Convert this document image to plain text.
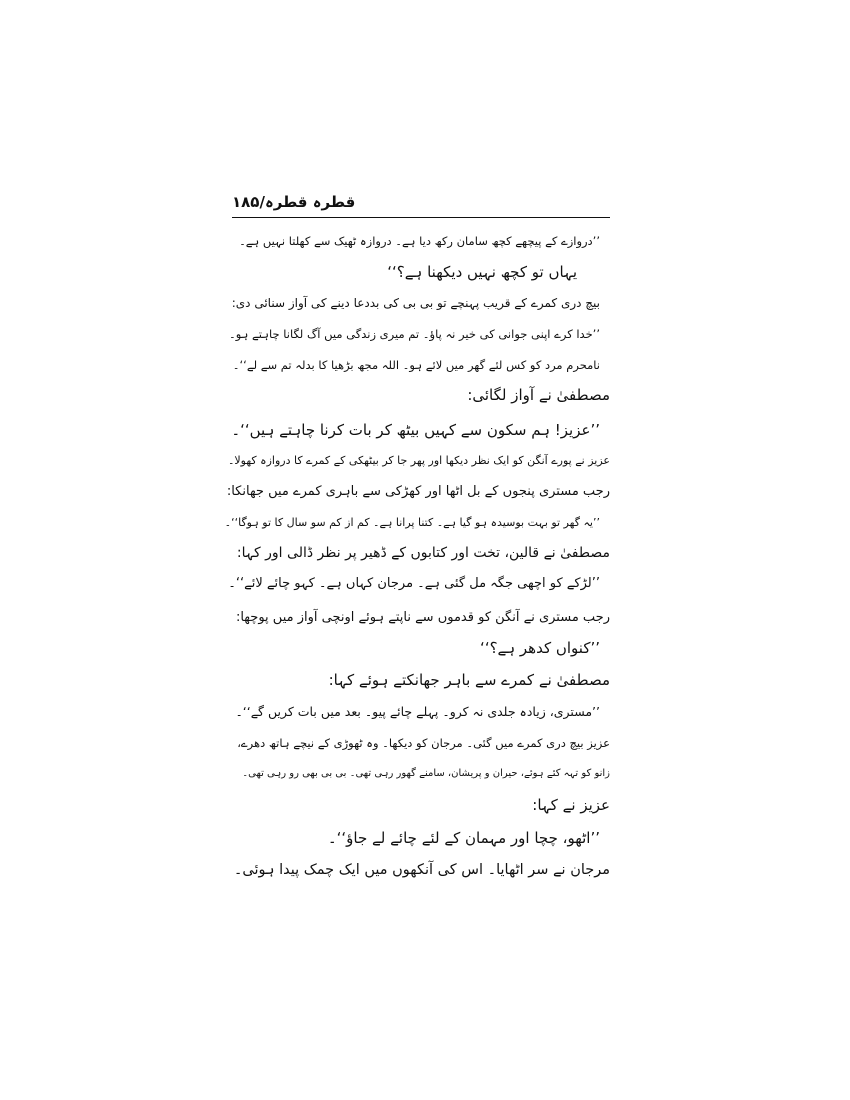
قطرہ قطرہ/۱۸۵
’’دروازے کے پیچھے کچھ سامان رکھ دیا ہے۔ دروازہ ٹھیک سے کھلتا نہیں ہے۔
یہاں تو کچھ نہیں دیکھنا ہے؟‘‘
بیچ دری کمرے کے قریب پہنچے تو بی بی کی بددعا دینے کی آواز سنائی دی:
’’خدا کرے اپنی جوانی کی خیر نہ پاؤ۔ تم میری زندگی میں آگ لگانا چاہتے ہو۔
نامحرم مرد کو کس لئے گھر میں لائے ہو۔ اللہ مجھ بڑھیا کا بدلہ تم سے لے‘‘۔
مصطفیٰ نے آواز لگائی:
’’عزیز! ہم سکون سے کہیں بیٹھ کر بات کرنا چاہتے ہیں‘‘۔
عزیز نے پورے آنگن کو ایک نظر دیکھا اور پھر جا کر بیٹھکی کے کمرے کا دروازہ کھولا۔
رجب مستری پنجوں کے بل اٹھا اور کھڑکی سے باہری کمرے میں جھانکا:
’’یہ گھر تو بہت بوسیدہ ہو گیا ہے۔ کتنا پرانا ہے۔ کم از کم سو سال کا تو ہوگا‘‘۔
مصطفیٰ نے قالین، تخت اور کتابوں کے ڈھیر پر نظر ڈالی اور کہا:
’’لڑکے کو اچھی جگہ مل گئی ہے۔ مرجان کہاں ہے۔ کہو چائے لائے‘‘۔
رجب مستری نے آنگن کو قدموں سے ناپتے ہوئے اونچی آواز میں پوچھا:
’’کنواں کدھر ہے؟‘‘
مصطفیٰ نے کمرے سے باہر جھانکتے ہوئے کہا:
’’مستری، زیادہ جلدی نہ کرو۔ پہلے چائے پیو۔ بعد میں بات کریں گے‘‘۔
عزیز بیچ دری کمرے میں گئی۔ مرجان کو دیکھا۔ وہ ٹھوڑی کے نیچے ہاتھ دھرے،
زانو کو تہہ کئے ہوئے، حیران و پریشان، سامنے گھور رہی تھی۔ بی بی بھی رو رہی تھی۔
عزیز نے کہا:
’’اٹھو، چچا اور مہمان کے لئے چائے لے جاؤ‘‘۔
مرجان نے سر اٹھایا۔ اس کی آنکھوں میں ایک چمک پیدا ہوئی۔
